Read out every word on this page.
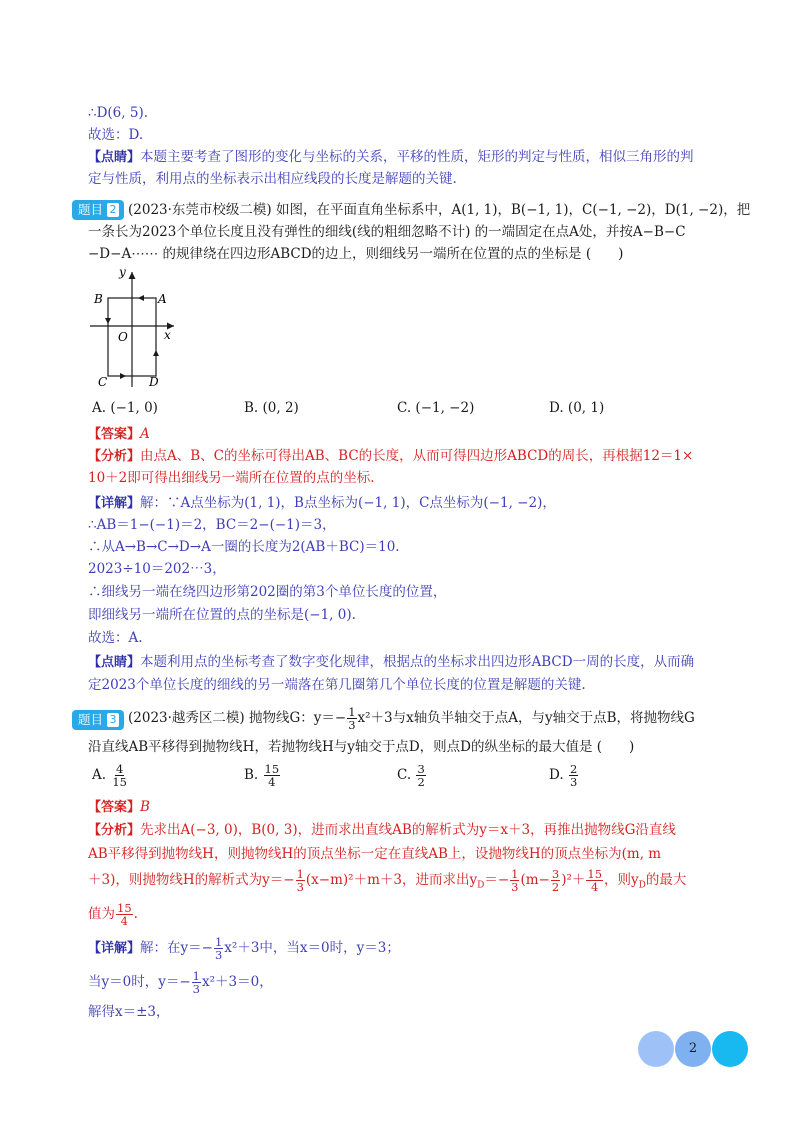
∴D(6, 5).
故选：D.
【点睛】本题主要考查了图形的变化与坐标的关系，平移的性质，矩形的判定与性质，相似三角形的判
定与性质，利用点的坐标表示出相应线段的长度是解题的关键.
题目 2 (2023·东莞市校级二模) 如图，在平面直角坐标系中，A(1, 1)，B(−1, 1)，C(−1, −2)，D(1, −2)，把
一条长为2023个单位长度且没有弹性的细线(线的粗细忽略不计) 的一端固定在点A处，并按A−B−C
−D−A⋯⋯ 的规律绕在四边形ABCD的边上，则细线另一端所在位置的点的坐标是 (　　)
y
x
O
A
B
C	D
A. (−1, 0)	B. (0, 2)	C. (−1, −2)	D. (0, 1)
【答案】A
【分析】由点A、B、C的坐标可得出AB、BC的长度，从而可得四边形ABCD的周长，再根据12＝1×
10＋2即可得出细线另一端所在位置的点的坐标.
【详解】解：∵A点坐标为(1, 1)，B点坐标为(−1, 1)，C点坐标为(−1, −2)，
∴AB＝1−(−1)＝2，BC＝2−(−1)＝3，
∴从A→B→C→D→A一圈的长度为2(AB＋BC)＝10.
2023÷10＝202⋯3，
∴细线另一端在绕四边形第202圈的第3个单位长度的位置，
即细线另一端所在位置的点的坐标是(−1, 0).
故选：A.
【点睛】本题利用点的坐标考查了数字变化规律，根据点的坐标求出四边形ABCD一周的长度，从而确
定2023个单位长度的细线的另一端落在第几圈第几个单位长度的位置是解题的关键.
题目 3 (2023·越秀区二模) 抛物线G：$y=- \frac{1}{3} x^2+3$与x轴负半轴交于点A，与y轴交于点B，将抛物线G
沿直线AB平移得到抛物线H，若抛物线H与y轴交于点D，则点D的纵坐标的最大值是 (　　)
A. $\frac{4}{15}$	B. $\frac{15}{4}$	C. $\frac{3}{2}$	D. $\frac{2}{3}$
【答案】B
【分析】先求出A(−3, 0)，B(0, 3)，进而求出直线AB的解析式为y＝x＋3，再推出抛物线G沿直线
AB平移得到抛物线H，则抛物线H的顶点坐标一定在直线AB上，设抛物线H的顶点坐标为(m, m
＋3)，则抛物线H的解析式为$y=- \frac{1}{3} (x-m)^2+m+3$，进而求出$y_D=- \frac{1}{3} (m- \frac{3}{2} )^2+ \frac{15}{4}$ ，则$y_D$的最大
值为 $\frac{15}{4}$ .
【详解】解：在$y=- \frac{1}{3} x^2+3$中，当x＝0时，y＝3；
当y＝0时，$y=- \frac{1}{3} x^2+3=0$，
解得x＝±3，
2
